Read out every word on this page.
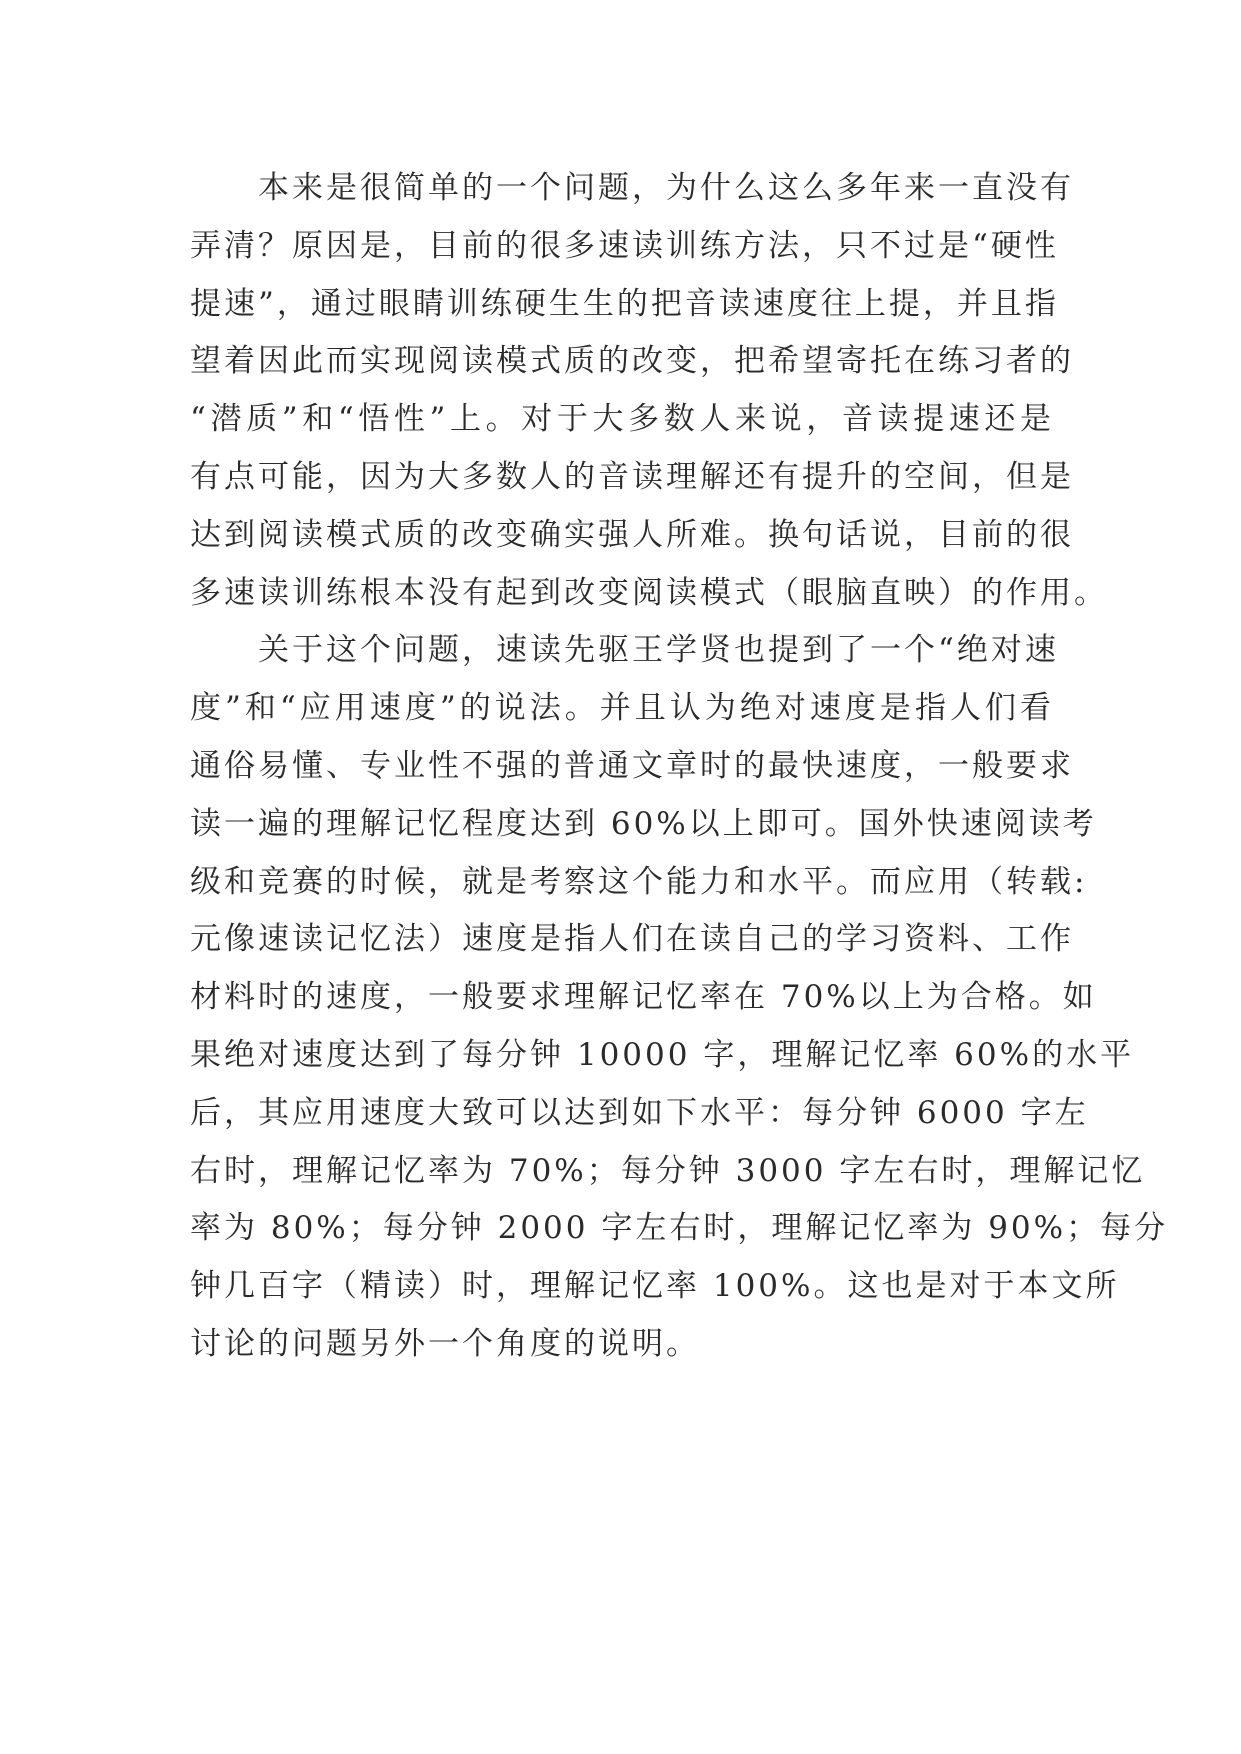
　　本来是很简单的一个问题，为什么这么多年来一直没有
弄清？原因是，目前的很多速读训练方法，只不过是“硬性
提速”，通过眼睛训练硬生生的把音读速度往上提，并且指
望着因此而实现阅读模式质的改变，把希望寄托在练习者的
“潜质”和“悟性”上。对于大多数人来说，音读提速还是
有点可能，因为大多数人的音读理解还有提升的空间，但是
达到阅读模式质的改变确实强人所难。换句话说，目前的很
多速读训练根本没有起到改变阅读模式（眼脑直映）的作用。
　　关于这个问题，速读先驱王学贤也提到了一个“绝对速
度”和“应用速度”的说法。并且认为绝对速度是指人们看
通俗易懂、专业性不强的普通文章时的最快速度，一般要求
读一遍的理解记忆程度达到 60%以上即可。国外快速阅读考
级和竞赛的时候，就是考察这个能力和水平。而应用（转载:
元像速读记忆法）速度是指人们在读自己的学习资料、工作
材料时的速度，一般要求理解记忆率在 70%以上为合格。如
果绝对速度达到了每分钟 10000 字，理解记忆率 60%的水平
后，其应用速度大致可以达到如下水平：每分钟 6000 字左
右时，理解记忆率为 70%；每分钟 3000 字左右时，理解记忆
率为 80%；每分钟 2000 字左右时，理解记忆率为 90%；每分
钟几百字（精读）时，理解记忆率 100%。这也是对于本文所
讨论的问题另外一个角度的说明。
